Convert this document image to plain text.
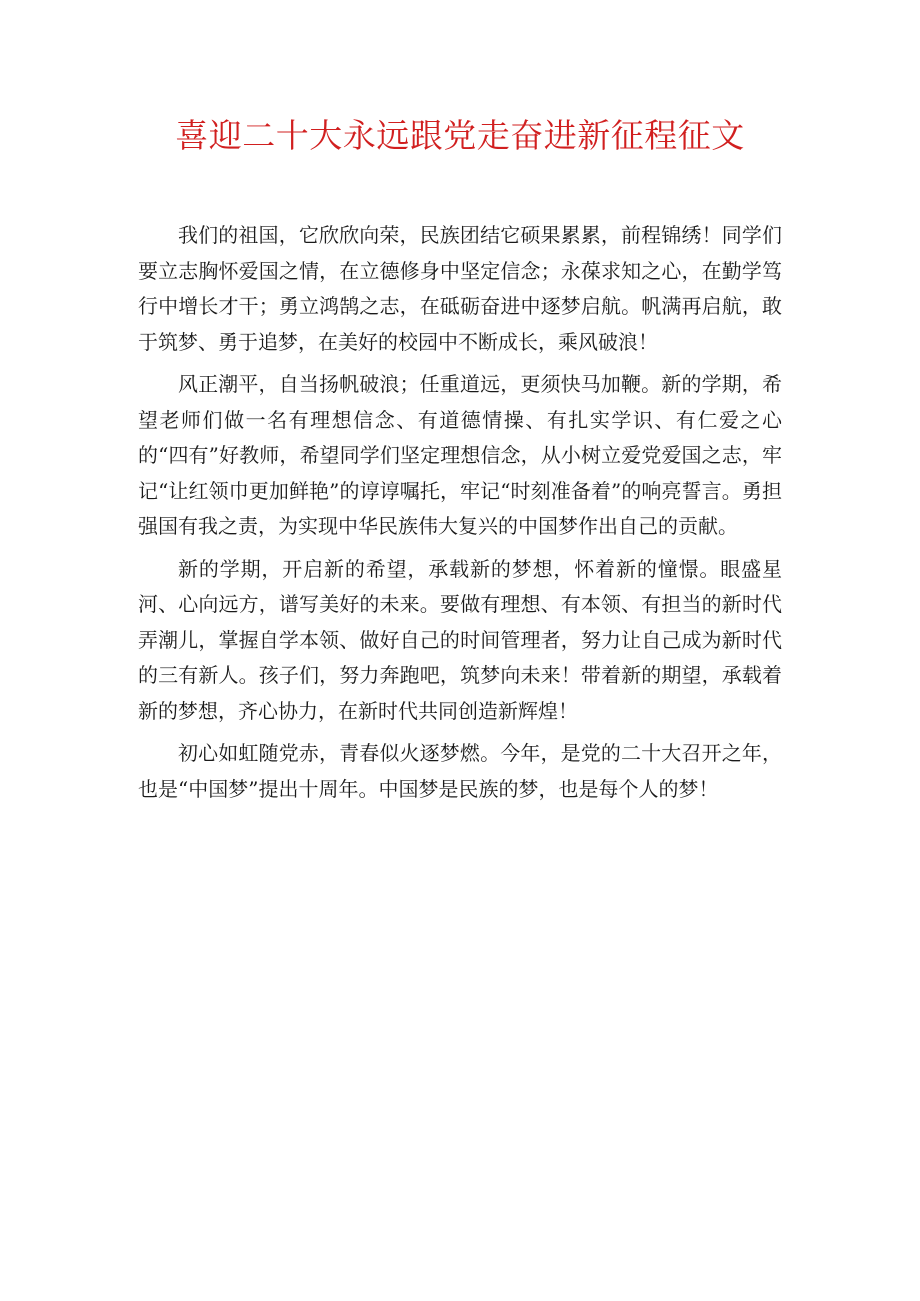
喜迎二十大永远跟党走奋进新征程征文

我们的祖国，它欣欣向荣，民族团结它硕果累累，前程锦绣！同学们要立志胸怀爱国之情，在立德修身中坚定信念；永葆求知之心，在勤学笃行中增长才干；勇立鸿鹄之志，在砥砺奋进中逐梦启航。帆满再启航，敢于筑梦、勇于追梦，在美好的校园中不断成长，乘风破浪！

风正潮平，自当扬帆破浪；任重道远，更须快马加鞭。新的学期，希望老师们做一名有理想信念、有道德情操、有扎实学识、有仁爱之心的“四有”好教师，希望同学们坚定理想信念，从小树立爱党爱国之志，牢记“让红领巾更加鲜艳”的谆谆嘱托，牢记“时刻准备着”的响亮誓言。勇担强国有我之责，为实现中华民族伟大复兴的中国梦作出自己的贡献。

新的学期，开启新的希望，承载新的梦想，怀着新的憧憬。眼盛星河、心向远方，谱写美好的未来。要做有理想、有本领、有担当的新时代弄潮儿，掌握自学本领、做好自己的时间管理者，努力让自己成为新时代的三有新人。孩子们，努力奔跑吧，筑梦向未来！带着新的期望，承载着新的梦想，齐心协力，在新时代共同创造新辉煌！

初心如虹随党赤，青春似火逐梦燃。今年，是党的二十大召开之年，也是“中国梦”提出十周年。中国梦是民族的梦，也是每个人的梦！
